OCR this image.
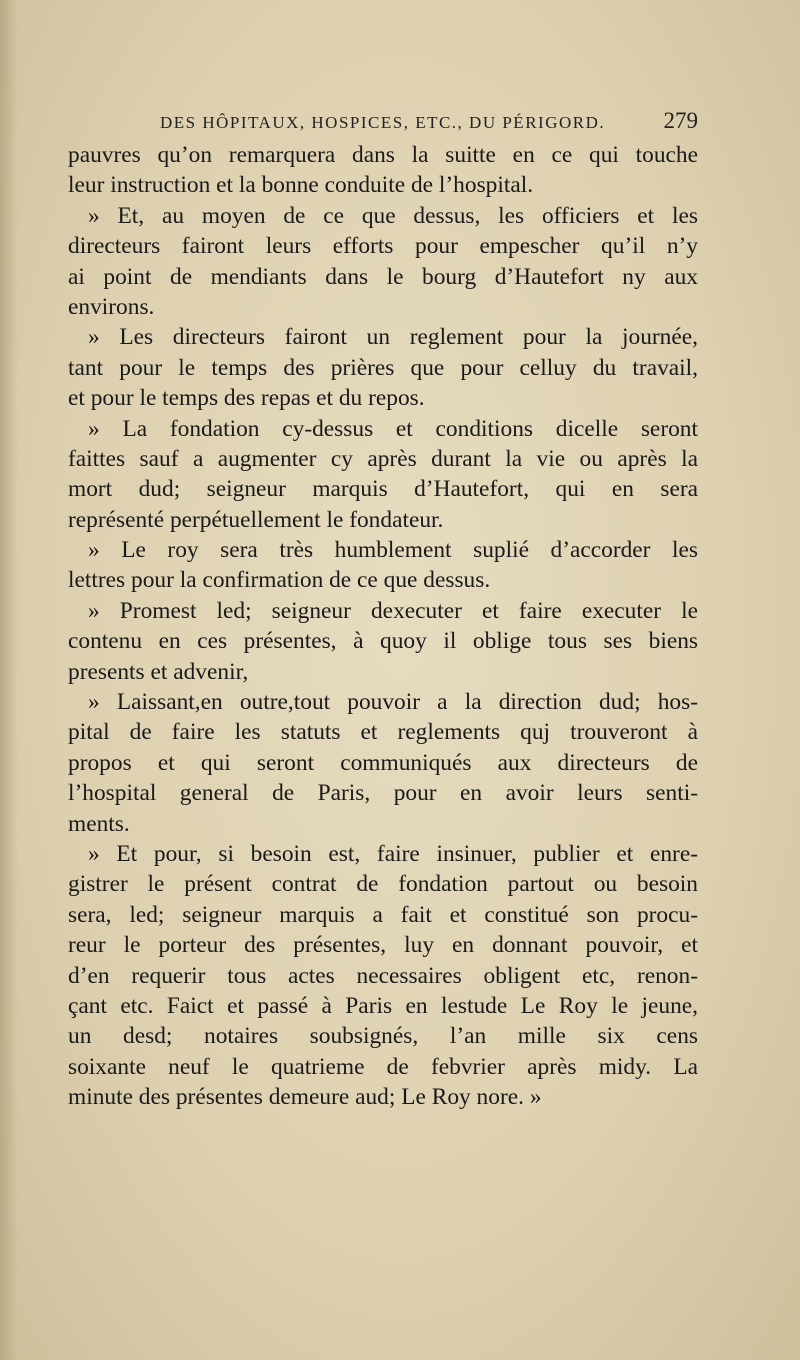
DES HÔPITAUX, HOSPICES, ETC., DU PÉRIGORD.	279
pauvres qu’on remarquera dans la suitte en ce qui touche
leur instruction et la bonne conduite de l’hospital.
» Et, au moyen de ce que dessus, les officiers et les
directeurs fairont leurs efforts pour empescher qu’il n’y
ai point de mendiants dans le bourg d’Hautefort ny aux
environs.
» Les directeurs fairont un reglement pour la journée,
tant pour le temps des prières que pour celluy du travail,
et pour le temps des repas et du repos.
» La fondation cy-dessus et conditions dicelle seront
faittes sauf a augmenter cy après durant la vie ou après la
mort dud; seigneur marquis d’Hautefort, qui en sera
représenté perpétuellement le fondateur.
» Le roy sera très humblement suplié d’accorder les
lettres pour la confirmation de ce que dessus.
» Promest led; seigneur dexecuter et faire executer le
contenu en ces présentes, à quoy il oblige tous ses biens
presents et advenir,
» Laissant,en outre,tout pouvoir a la direction dud; hos-
pital de faire les statuts et reglements quj trouveront à
propos et qui seront communiqués aux directeurs de
l’hospital general de Paris, pour en avoir leurs senti-
ments.
» Et pour, si besoin est, faire insinuer, publier et enre-
gistrer le présent contrat de fondation partout ou besoin
sera, led; seigneur marquis a fait et constitué son procu-
reur le porteur des présentes, luy en donnant pouvoir, et
d’en requerir tous actes necessaires obligent etc, renon-
çant etc. Faict et passé à Paris en lestude Le Roy le jeune,
un desd; notaires soubsignés, l’an mille six cens
soixante neuf le quatrieme de febvrier après midy. La
minute des présentes demeure aud; Le Roy nore. »
